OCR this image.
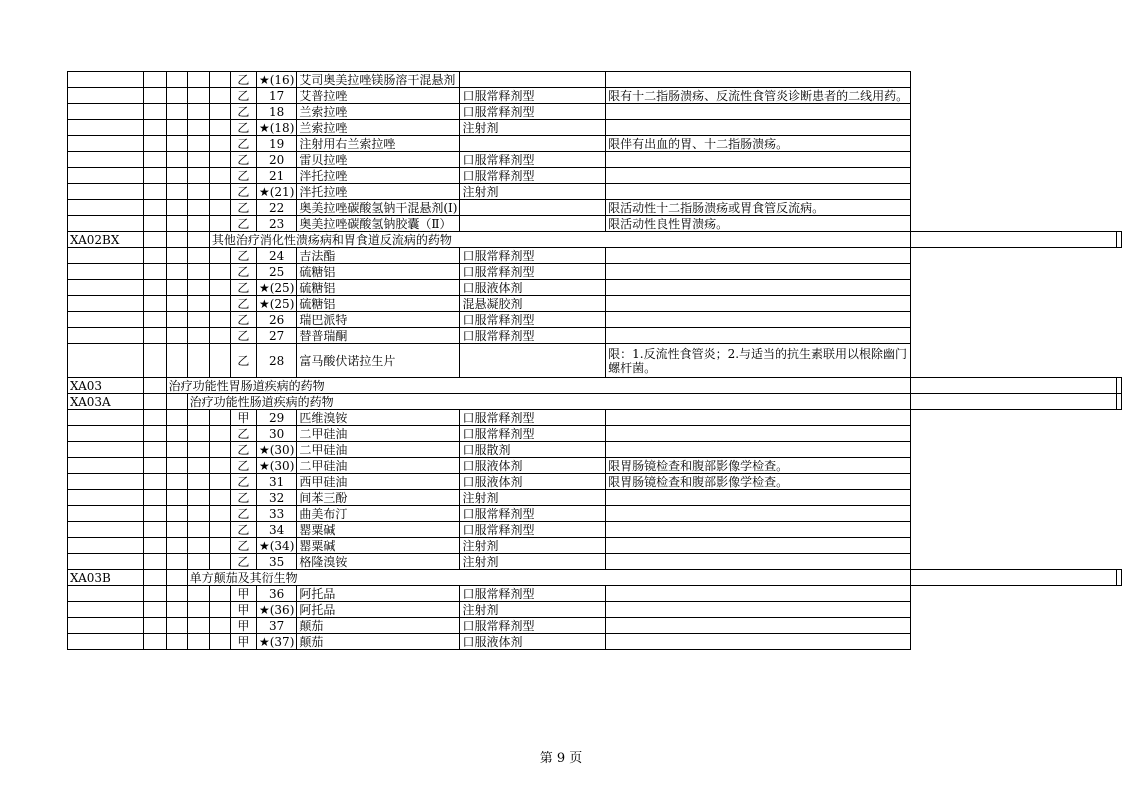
					乙	★(16)	艾司奥美拉唑镁肠溶干混悬剂				
					乙	17	艾普拉唑	口服常释剂型	限有十二指肠溃疡、反流性食管炎诊断患者的二线用药。		
					乙	18	兰索拉唑	口服常释剂型			
					乙	★(18)	兰索拉唑	注射剂			
					乙	19	注射用右兰索拉唑		限伴有出血的胃、十二指肠溃疡。		
					乙	20	雷贝拉唑	口服常释剂型			
					乙	21	泮托拉唑	口服常释剂型			
					乙	★(21)	泮托拉唑	注射剂			
					乙	22	奥美拉唑碳酸氢钠干混悬剂(Ⅰ)		限活动性十二指肠溃疡或胃食管反流病。		
					乙	23	奥美拉唑碳酸氢钠胶囊（Ⅱ）		限活动性良性胃溃疡。		
XA02BX				其他治疗消化性溃疡病和胃食道反流病的药物							
					乙	24	吉法酯	口服常释剂型			
					乙	25	硫糖铝	口服常释剂型			
					乙	★(25)	硫糖铝	口服液体剂			
					乙	★(25)	硫糖铝	混悬凝胶剂			
					乙	26	瑞巴派特	口服常释剂型			
					乙	27	替普瑞酮	口服常释剂型			
					乙	28	富马酸伏诺拉生片		限：1.反流性食管炎；2.与适当的抗生素联用以根除幽门螺杆菌。		
XA03		治疗功能性胃肠道疾病的药物									
XA03A			治疗功能性肠道疾病的药物								
					甲	29	匹维溴铵	口服常释剂型			
					乙	30	二甲硅油	口服常释剂型			
					乙	★(30)	二甲硅油	口服散剂			
					乙	★(30)	二甲硅油	口服液体剂	限胃肠镜检查和腹部影像学检查。		
					乙	31	西甲硅油	口服液体剂	限胃肠镜检查和腹部影像学检查。		
					乙	32	间苯三酚	注射剂			
					乙	33	曲美布汀	口服常释剂型			
					乙	34	罂粟碱	口服常释剂型			
					乙	★(34)	罂粟碱	注射剂			
					乙	35	格隆溴铵	注射剂			
XA03B			单方颠茄及其衍生物								
					甲	36	阿托品	口服常释剂型			
					甲	★(36)	阿托品	注射剂			
					甲	37	颠茄	口服常释剂型			
					甲	★(37)	颠茄	口服液体剂			
第 9 页
